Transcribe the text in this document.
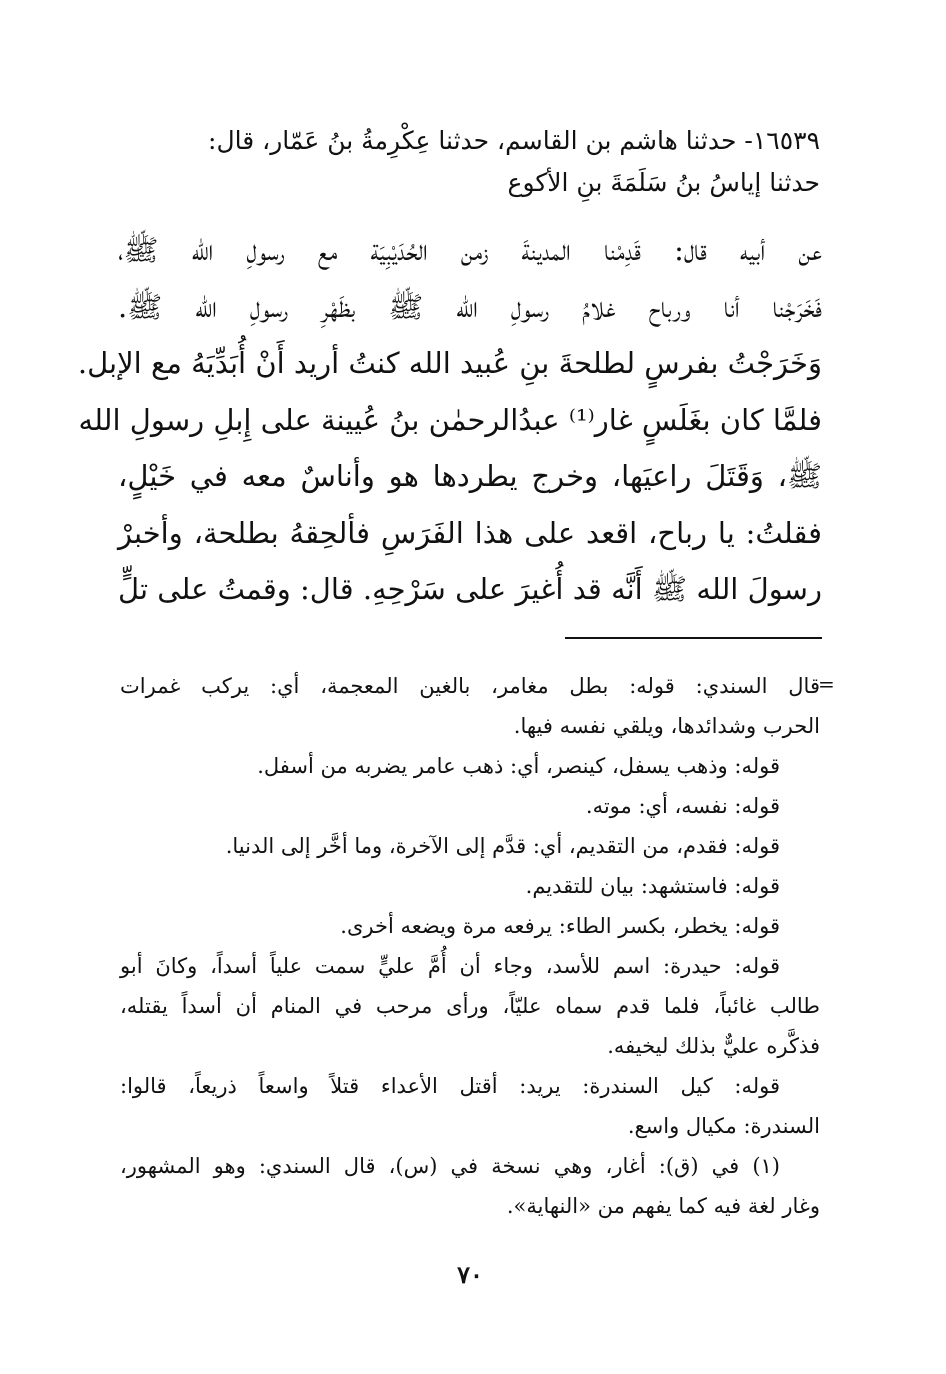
١٦٥٣٩- حدثنا هاشم بن القاسم، حدثنا عِكْرِمةُ بنُ عَمّار، قال:
حدثنا إياسُ بنُ سَلَمَةَ بنِ الأكوع
عن أبيه قال: قَدِمْنا المدينةَ زمن الحُدَيْبِيَة مع رسولِ الله ﷺ،
فَخَرَجْنا أنا ورباح غلامُ رسولِ الله ﷺ بظَهْرِ رسولِ الله ﷺ.
وَخَرَجْتُ بفرسٍ لطلحةَ بنِ عُبيد الله كنتُ أريد أَنْ أُبَدِّيَهُ مع الإبل.
فلمَّا كان بغَلَسٍ غار⁽¹⁾ عبدُالرحمٰن بنُ عُيينة على إِبلِ رسولِ الله
ﷺ، وَقَتَلَ راعيَها، وخرج يطردها هو وأناسٌ معه في خَيْلٍ،
فقلتُ: يا رباح، اقعد على هذا الفَرَسِ فألحِقهُ بطلحة، وأخبرْ
رسولَ الله ﷺ أَنَّه قد أُغيرَ على سَرْحِهِ. قال: وقمتُ على تلٍّ
=
قال السندي: قوله: بطل مغامر، بالغين المعجمة، أي: يركب غمرات
الحرب وشدائدها، ويلقي نفسه فيها.
قوله: وذهب يسفل، كينصر، أي: ذهب عامر يضربه من أسفل.
قوله: نفسه، أي: موته.
قوله: فقدم، من التقديم، أي: قدَّم إلى الآخرة، وما أخَّر إلى الدنيا.
قوله: فاستشهد: بيان للتقديم.
قوله: يخطر، بكسر الطاء: يرفعه مرة ويضعه أخرى.
قوله: حيدرة: اسم للأسد، وجاء أن أُمَّ عليٍّ سمت علياً أسداً، وكانَ أبو
طالب غائباً، فلما قدم سماه عليّاً، ورأى مرحب في المنام أن أسداً يقتله،
فذكَّره عليٌّ بذلك ليخيفه.
قوله: كيل السندرة: يريد: أقتل الأعداء قتلاً واسعاً ذريعاً، قالوا:
السندرة: مكيال واسع.
(١) في (ق): أغار، وهي نسخة في (س)، قال السندي: وهو المشهور،
وغار لغة فيه كما يفهم من «النهاية».
٧٠
